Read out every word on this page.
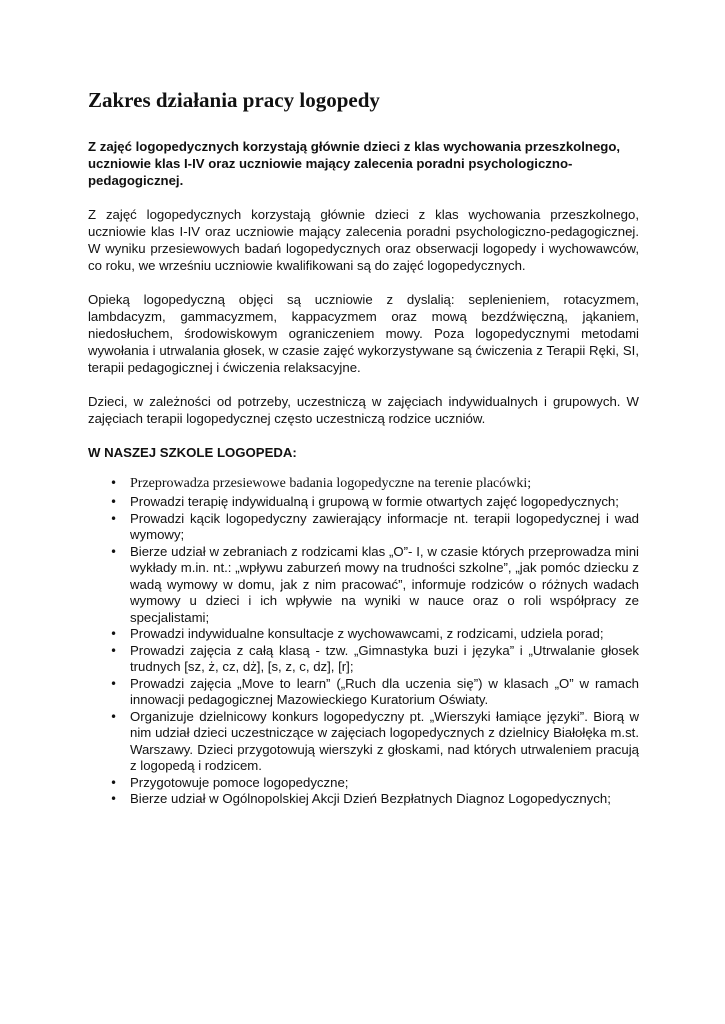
Zakres działania pracy logopedy

Z zajęć logopedycznych korzystają głównie dzieci z klas wychowania przeszkolnego, uczniowie klas I-IV oraz uczniowie mający zalecenia poradni psychologiczno-pedagogicznej.

Z zajęć logopedycznych korzystają głównie dzieci z klas wychowania przeszkolnego, uczniowie klas I-IV oraz uczniowie mający zalecenia poradni psychologiczno-pedagogicznej. W wyniku przesiewowych badań logopedycznych oraz obserwacji logopedy i wychowawców, co roku, we wrześniu uczniowie kwalifikowani są do zajęć logopedycznych.

Opieką logopedyczną objęci są uczniowie z dyslalią: seplenieniem, rotacyzmem, lambdacyzm, gammacyzmem, kappacyzmem oraz mową bezdźwięczną, jąkaniem, niedosłuchem, środowiskowym ograniczeniem mowy. Poza logopedycznymi metodami wywołania i utrwalania głosek, w czasie zajęć wykorzystywane są ćwiczenia z Terapii Ręki, SI, terapii pedagogicznej i ćwiczenia relaksacyjne.

Dzieci, w zależności od potrzeby, uczestniczą w zajęciach indywidualnych i grupowych. W zajęciach terapii logopedycznej często uczestniczą rodzice uczniów.

W NASZEJ SZKOLE LOGOPEDA:
• Przeprowadza przesiewowe badania logopedyczne na terenie placówki;
• Prowadzi terapię indywidualną i grupową w formie otwartych zajęć logopedycznych;
• Prowadzi kącik logopedyczny zawierający informacje nt. terapii logopedycznej i wad wymowy;
• Bierze udział w zebraniach z rodzicami klas „O”- I, w czasie których przeprowadza mini wykłady m.in. nt.: „wpływu zaburzeń mowy na trudności szkolne”, „jak pomóc dziecku z wadą wymowy w domu, jak z nim pracować”, informuje rodziców o różnych wadach wymowy u dzieci i ich wpływie na wyniki w nauce oraz o roli współpracy ze specjalistami;
• Prowadzi indywidualne konsultacje z wychowawcami, z rodzicami, udziela porad;
• Prowadzi zajęcia z całą klasą - tzw. „Gimnastyka buzi i języka” i „Utrwalanie głosek trudnych [sz, ż, cz, dż], [s, z, c, dz], [r];
• Prowadzi zajęcia „Move to learn” („Ruch dla uczenia się”) w klasach „O” w ramach innowacji pedagogicznej Mazowieckiego Kuratorium Oświaty.
• Organizuje dzielnicowy konkurs logopedyczny pt. „Wierszyki łamiące języki”. Biorą w nim udział dzieci uczestniczące w zajęciach logopedycznych z dzielnicy Białołęka m.st. Warszawy. Dzieci przygotowują wierszyki z głoskami, nad których utrwaleniem pracują z logopedą i rodzicem.
• Przygotowuje pomoce logopedyczne;
• Bierze udział w Ogólnopolskiej Akcji Dzień Bezpłatnych Diagnoz Logopedycznych;
